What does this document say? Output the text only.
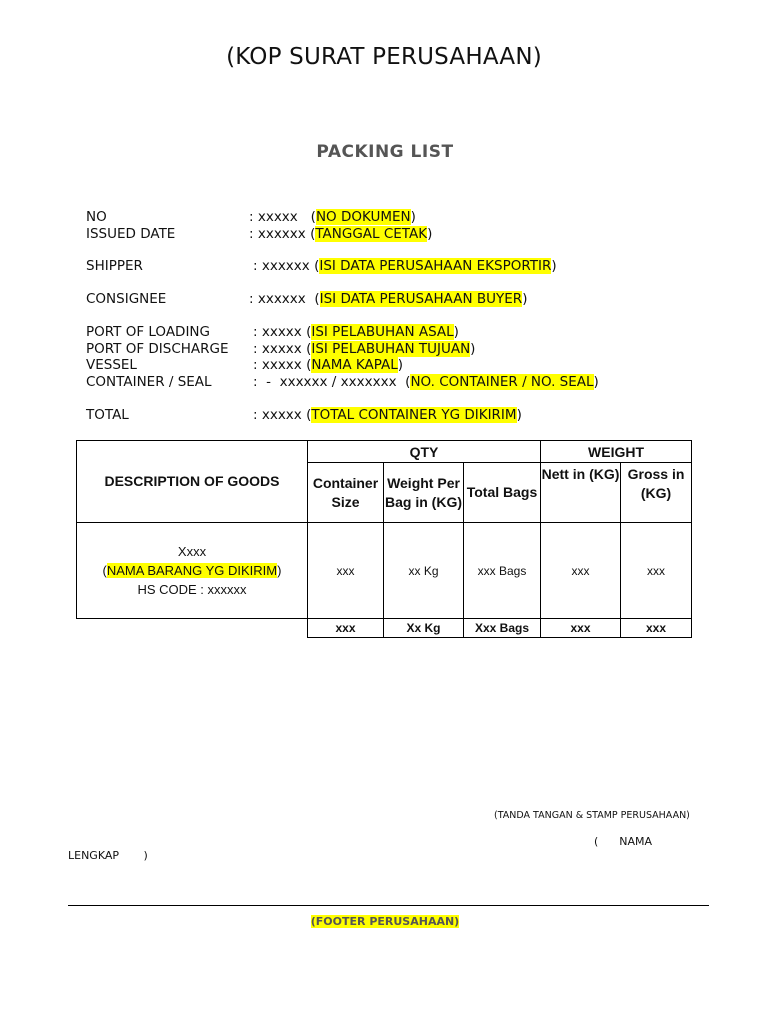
(KOP SURAT PERUSAHAAN)
PACKING LIST
NO	: xxxxx   (NO DOKUMEN)
ISSUED DATE	: xxxxxx (TANGGAL CETAK)
SHIPPER	: xxxxxx (ISI DATA PERUSAHAAN EKSPORTIR)
CONSIGNEE	: xxxxxx  (ISI DATA PERUSAHAAN BUYER)
PORT OF LOADING	: xxxxx (ISI PELABUHAN ASAL)
PORT OF DISCHARGE : xxxxx (ISI PELABUHAN TUJUAN)
VESSEL	: xxxxx (NAMA KAPAL)
CONTAINER / SEAL	:  -  xxxxxx / xxxxxxx  (NO. CONTAINER / NO. SEAL)
TOTAL	: xxxxx (TOTAL CONTAINER YG DIKIRIM)
DESCRIPTION OF GOODS	QTY			WEIGHT	
	Container Size	Weight Per Bag in (KG)	Total Bags	Nett in (KG)	Gross in (KG)

Xxxx
(NAMA BARANG YG DIKIRIM)
HS CODE : xxxxxx	xxx	xx Kg	xxx Bags	xxx	xxx
	xxx	Xx Kg	Xxx Bags	xxx	xxx
(TANDA TANGAN & STAMP PERUSAHAAN)
(      NAMA
LENGKAP       )
(FOOTER PERUSAHAAN)
